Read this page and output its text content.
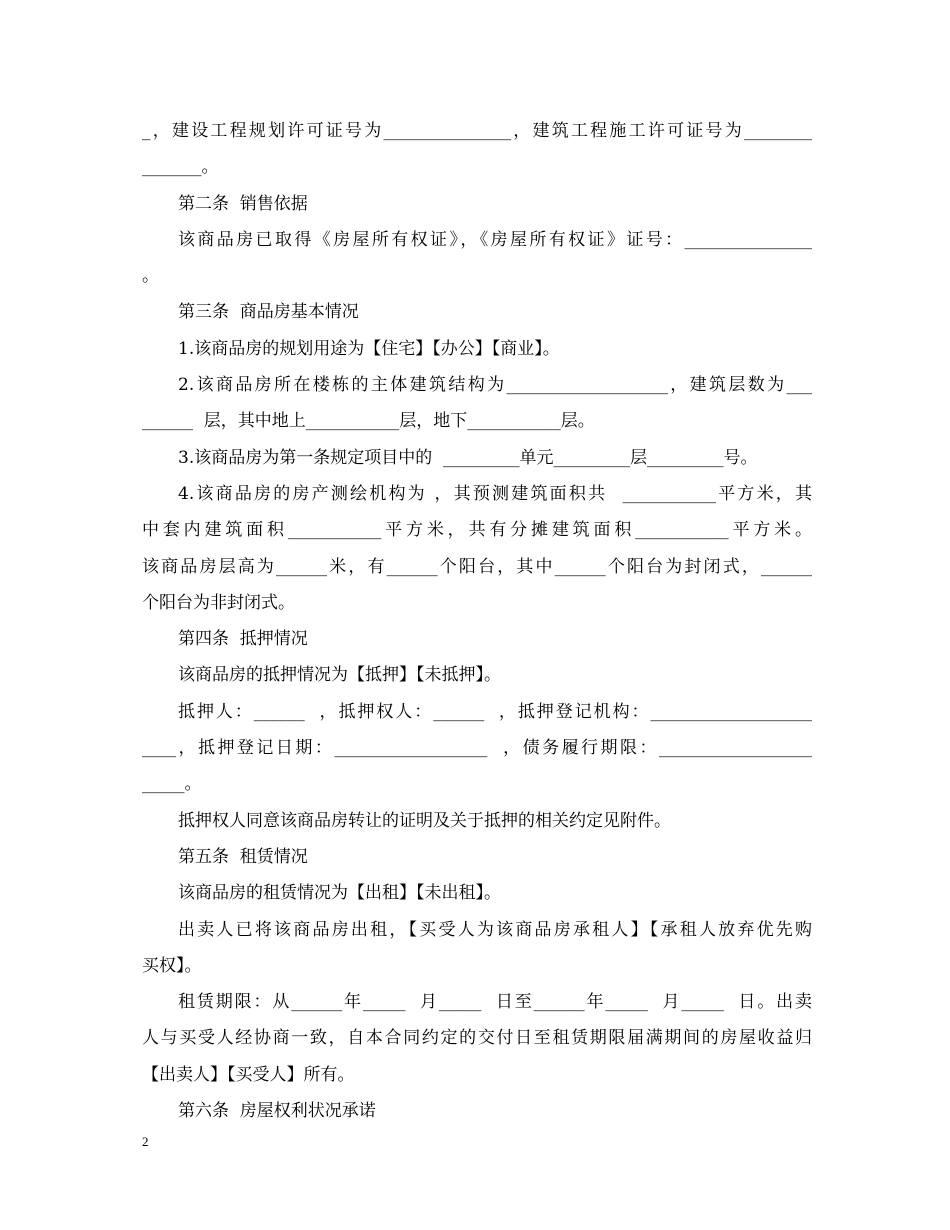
_，建设工程规划许可证号为_______________，建筑工程施工许可证号为________
_______。
第二条  销售依据
该商品房已取得《房屋所有权证》，《房屋所有权证》证号：_______________
。
第三条  商品房基本情况
1.该商品房的规划用途为【住宅】【办公】【商业】。
2.该商品房所在楼栋的主体建筑结构为___________________，建筑层数为___
______  层，其中地上___________层，地下___________层。
3.该商品房为第一条规定项目中的  _________单元_________层_________号。
4.该商品房的房产测绘机构为 ，其预测建筑面积共  ___________平方米，其
中套内建筑面积___________平方米，共有分摊建筑面积___________平方米。
该商品房层高为______米，有______个阳台，其中______个阳台为封闭式，______
个阳台为非封闭式。
第四条  抵押情况
该商品房的抵押情况为【抵押】【未抵押】。
抵押人：______  ，抵押权人：______  ，抵押登记机构：___________________
____，抵押登记日期：__________________  ，债务履行期限：__________________
_____。
抵押权人同意该商品房转让的证明及关于抵押的相关约定见附件。
第五条  租赁情况
该商品房的租赁情况为【出租】【未出租】。
出卖人已将该商品房出租，【买受人为该商品房承租人】【承租人放弃优先购
买权】。
租赁期限：从______年_____  月_____  日至______年_____  月_____  日。出卖
人与买受人经协商一致，自本合同约定的交付日至租赁期限届满期间的房屋收益归
【出卖人】【买受人】所有。
第六条  房屋权利状况承诺
2
